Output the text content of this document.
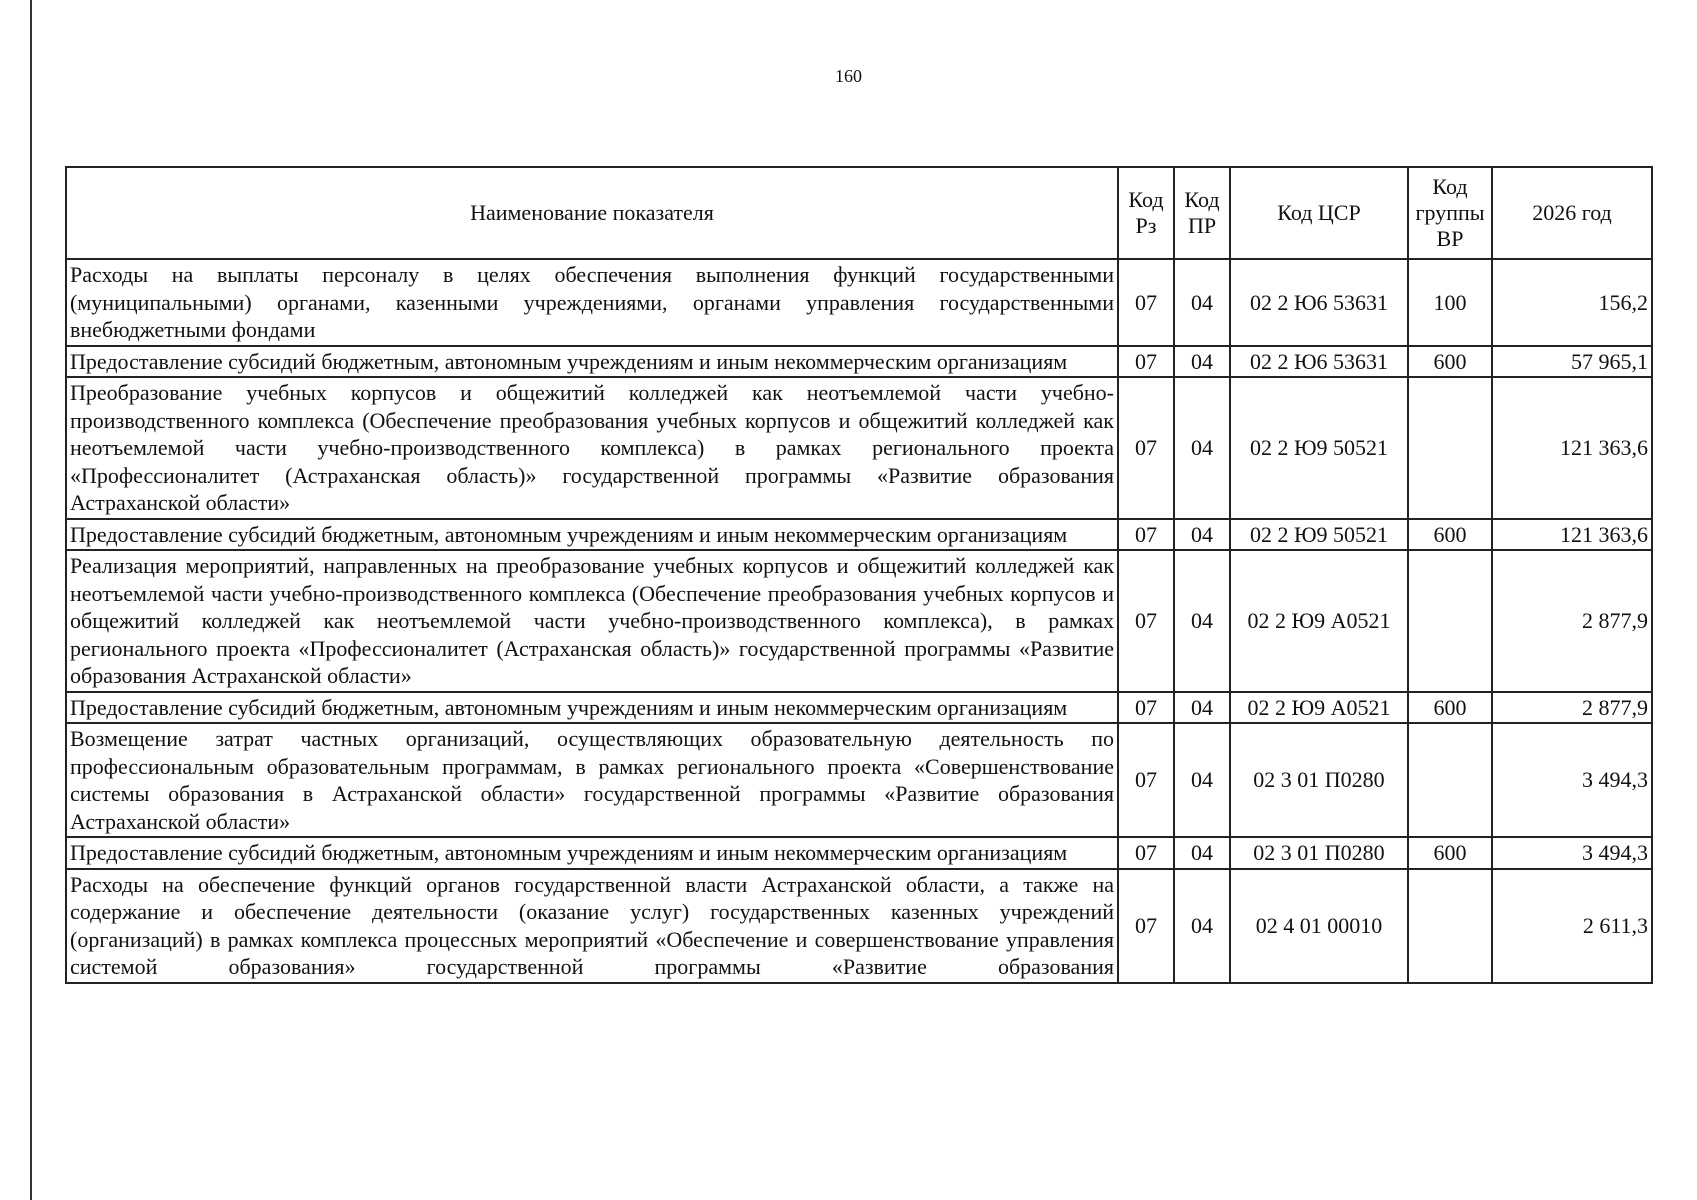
160
Наименование показателя	Код Рз	Код ПР	Код ЦСР	Код группы ВР	2026 год
Расходы на выплаты персоналу в целях обеспечения выполнения функций государственными (муниципальными) органами, казенными учреждениями, органами управления государственными внебюджетными фондами	07	04	02 2 Ю6 53631	100	156,2
Предоставление субсидий бюджетным, автономным учреждениям и иным некоммерческим организациям	07	04	02 2 Ю6 53631	600	57 965,1
Преобразование учебных корпусов и общежитий колледжей как неотъемлемой части учебно-производственного комплекса (Обеспечение преобразования учебных корпусов и общежитий колледжей как неотъемлемой части учебно-производственного комплекса) в рамках регионального проекта «Профессионалитет (Астраханская область)» государственной программы «Развитие образования Астраханской области»	07	04	02 2 Ю9 50521		121 363,6
Предоставление субсидий бюджетным, автономным учреждениям и иным некоммерческим организациям	07	04	02 2 Ю9 50521	600	121 363,6
Реализация мероприятий, направленных на преобразование учебных корпусов и общежитий колледжей как неотъемлемой части учебно-производственного комплекса (Обеспечение преобразования учебных корпусов и общежитий колледжей как неотъемлемой части учебно-производственного комплекса), в рамках регионального проекта «Профессионалитет (Астраханская область)» государственной программы «Развитие образования Астраханской области»	07	04	02 2 Ю9 А0521		2 877,9
Предоставление субсидий бюджетным, автономным учреждениям и иным некоммерческим организациям	07	04	02 2 Ю9 А0521	600	2 877,9
Возмещение затрат частных организаций, осуществляющих образовательную деятельность по профессиональным образовательным программам, в рамках регионального проекта «Совершенствование системы образования в Астраханской области» государственной программы «Развитие образования Астраханской области»	07	04	02 3 01 П0280		3 494,3
Предоставление субсидий бюджетным, автономным учреждениям и иным некоммерческим организациям	07	04	02 3 01 П0280	600	3 494,3
Расходы на обеспечение функций органов государственной власти Астраханской области, а также на содержание и обеспечение деятельности (оказание услуг) государственных казенных учреждений (организаций) в рамках комплекса процессных мероприятий «Обеспечение и совершенствование управления системой образования» государственной программы «Развитие образования	07	04	02 4 01 00010		2 611,3
